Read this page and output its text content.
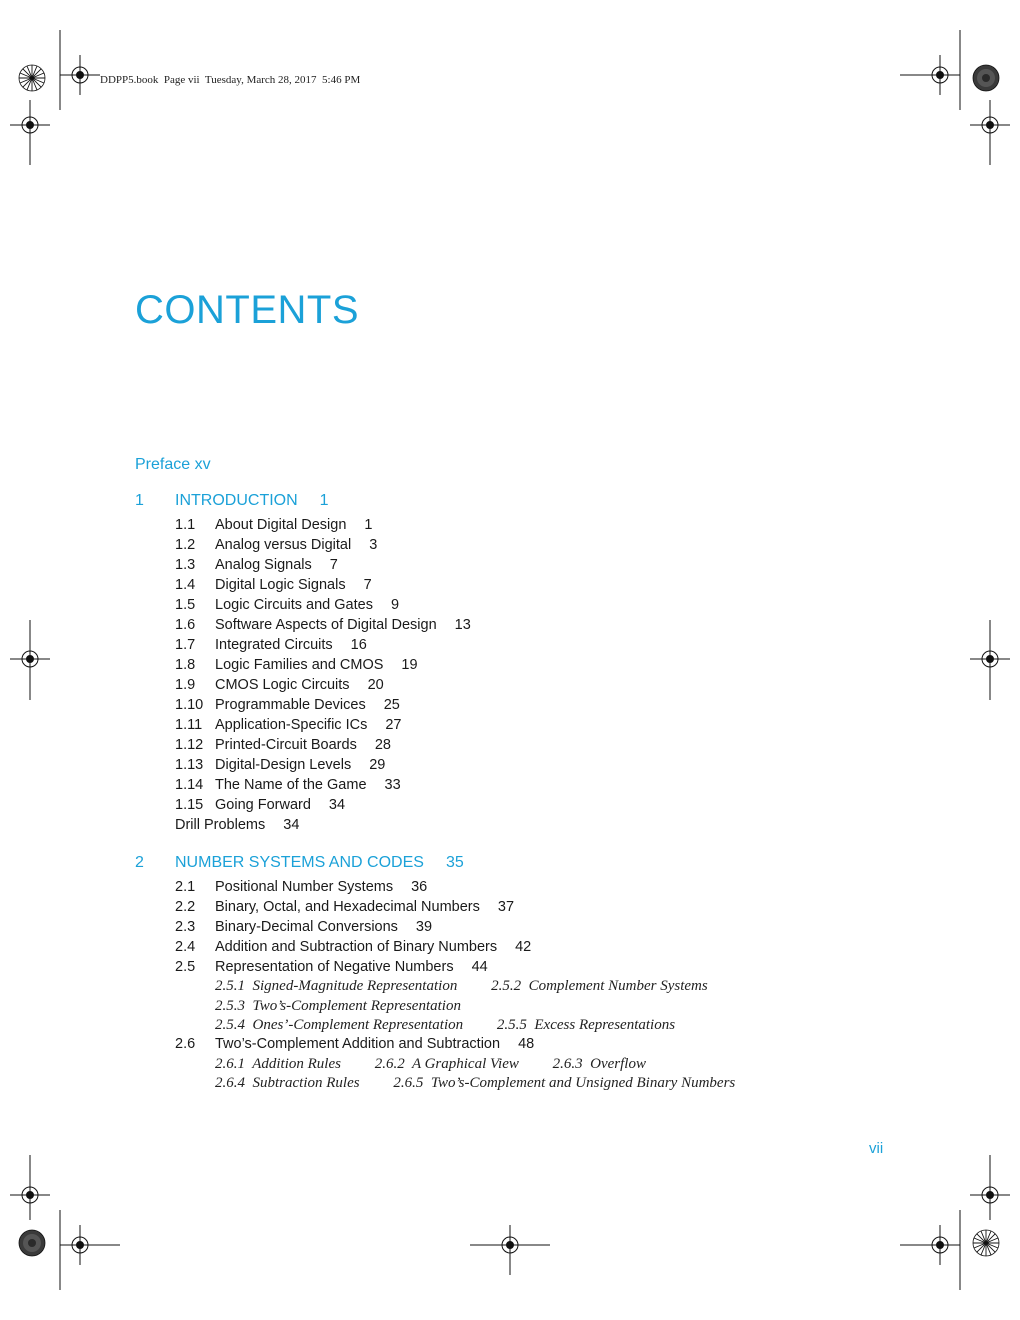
DDPP5.book  Page vii  Tuesday, March 28, 2017  5:46 PM
CONTENTS
Preface xv
1 INTRODUCTION 1
1.1 About Digital Design 1
1.2 Analog versus Digital 3
1.3 Analog Signals 7
1.4 Digital Logic Signals 7
1.5 Logic Circuits and Gates 9
1.6 Software Aspects of Digital Design 13
1.7 Integrated Circuits 16
1.8 Logic Families and CMOS 19
1.9 CMOS Logic Circuits 20
1.10 Programmable Devices 25
1.11 Application-Specific ICs 27
1.12 Printed-Circuit Boards 28
1.13 Digital-Design Levels 29
1.14 The Name of the Game 33
1.15 Going Forward 34
Drill Problems 34
2 NUMBER SYSTEMS AND CODES 35
2.1 Positional Number Systems 36
2.2 Binary, Octal, and Hexadecimal Numbers 37
2.3 Binary-Decimal Conversions 39
2.4 Addition and Subtraction of Binary Numbers 42
2.5 Representation of Negative Numbers 44
2.5.1  Signed-Magnitude Representation         2.5.2  Complement Number Systems
2.5.3  Two’s-Complement Representation
2.5.4  Ones’-Complement Representation         2.5.5  Excess Representations
2.6 Two’s-Complement Addition and Subtraction 48
2.6.1  Addition Rules         2.6.2  A Graphical View         2.6.3  Overflow
2.6.4  Subtraction Rules         2.6.5  Two’s-Complement and Unsigned Binary Numbers
vii
